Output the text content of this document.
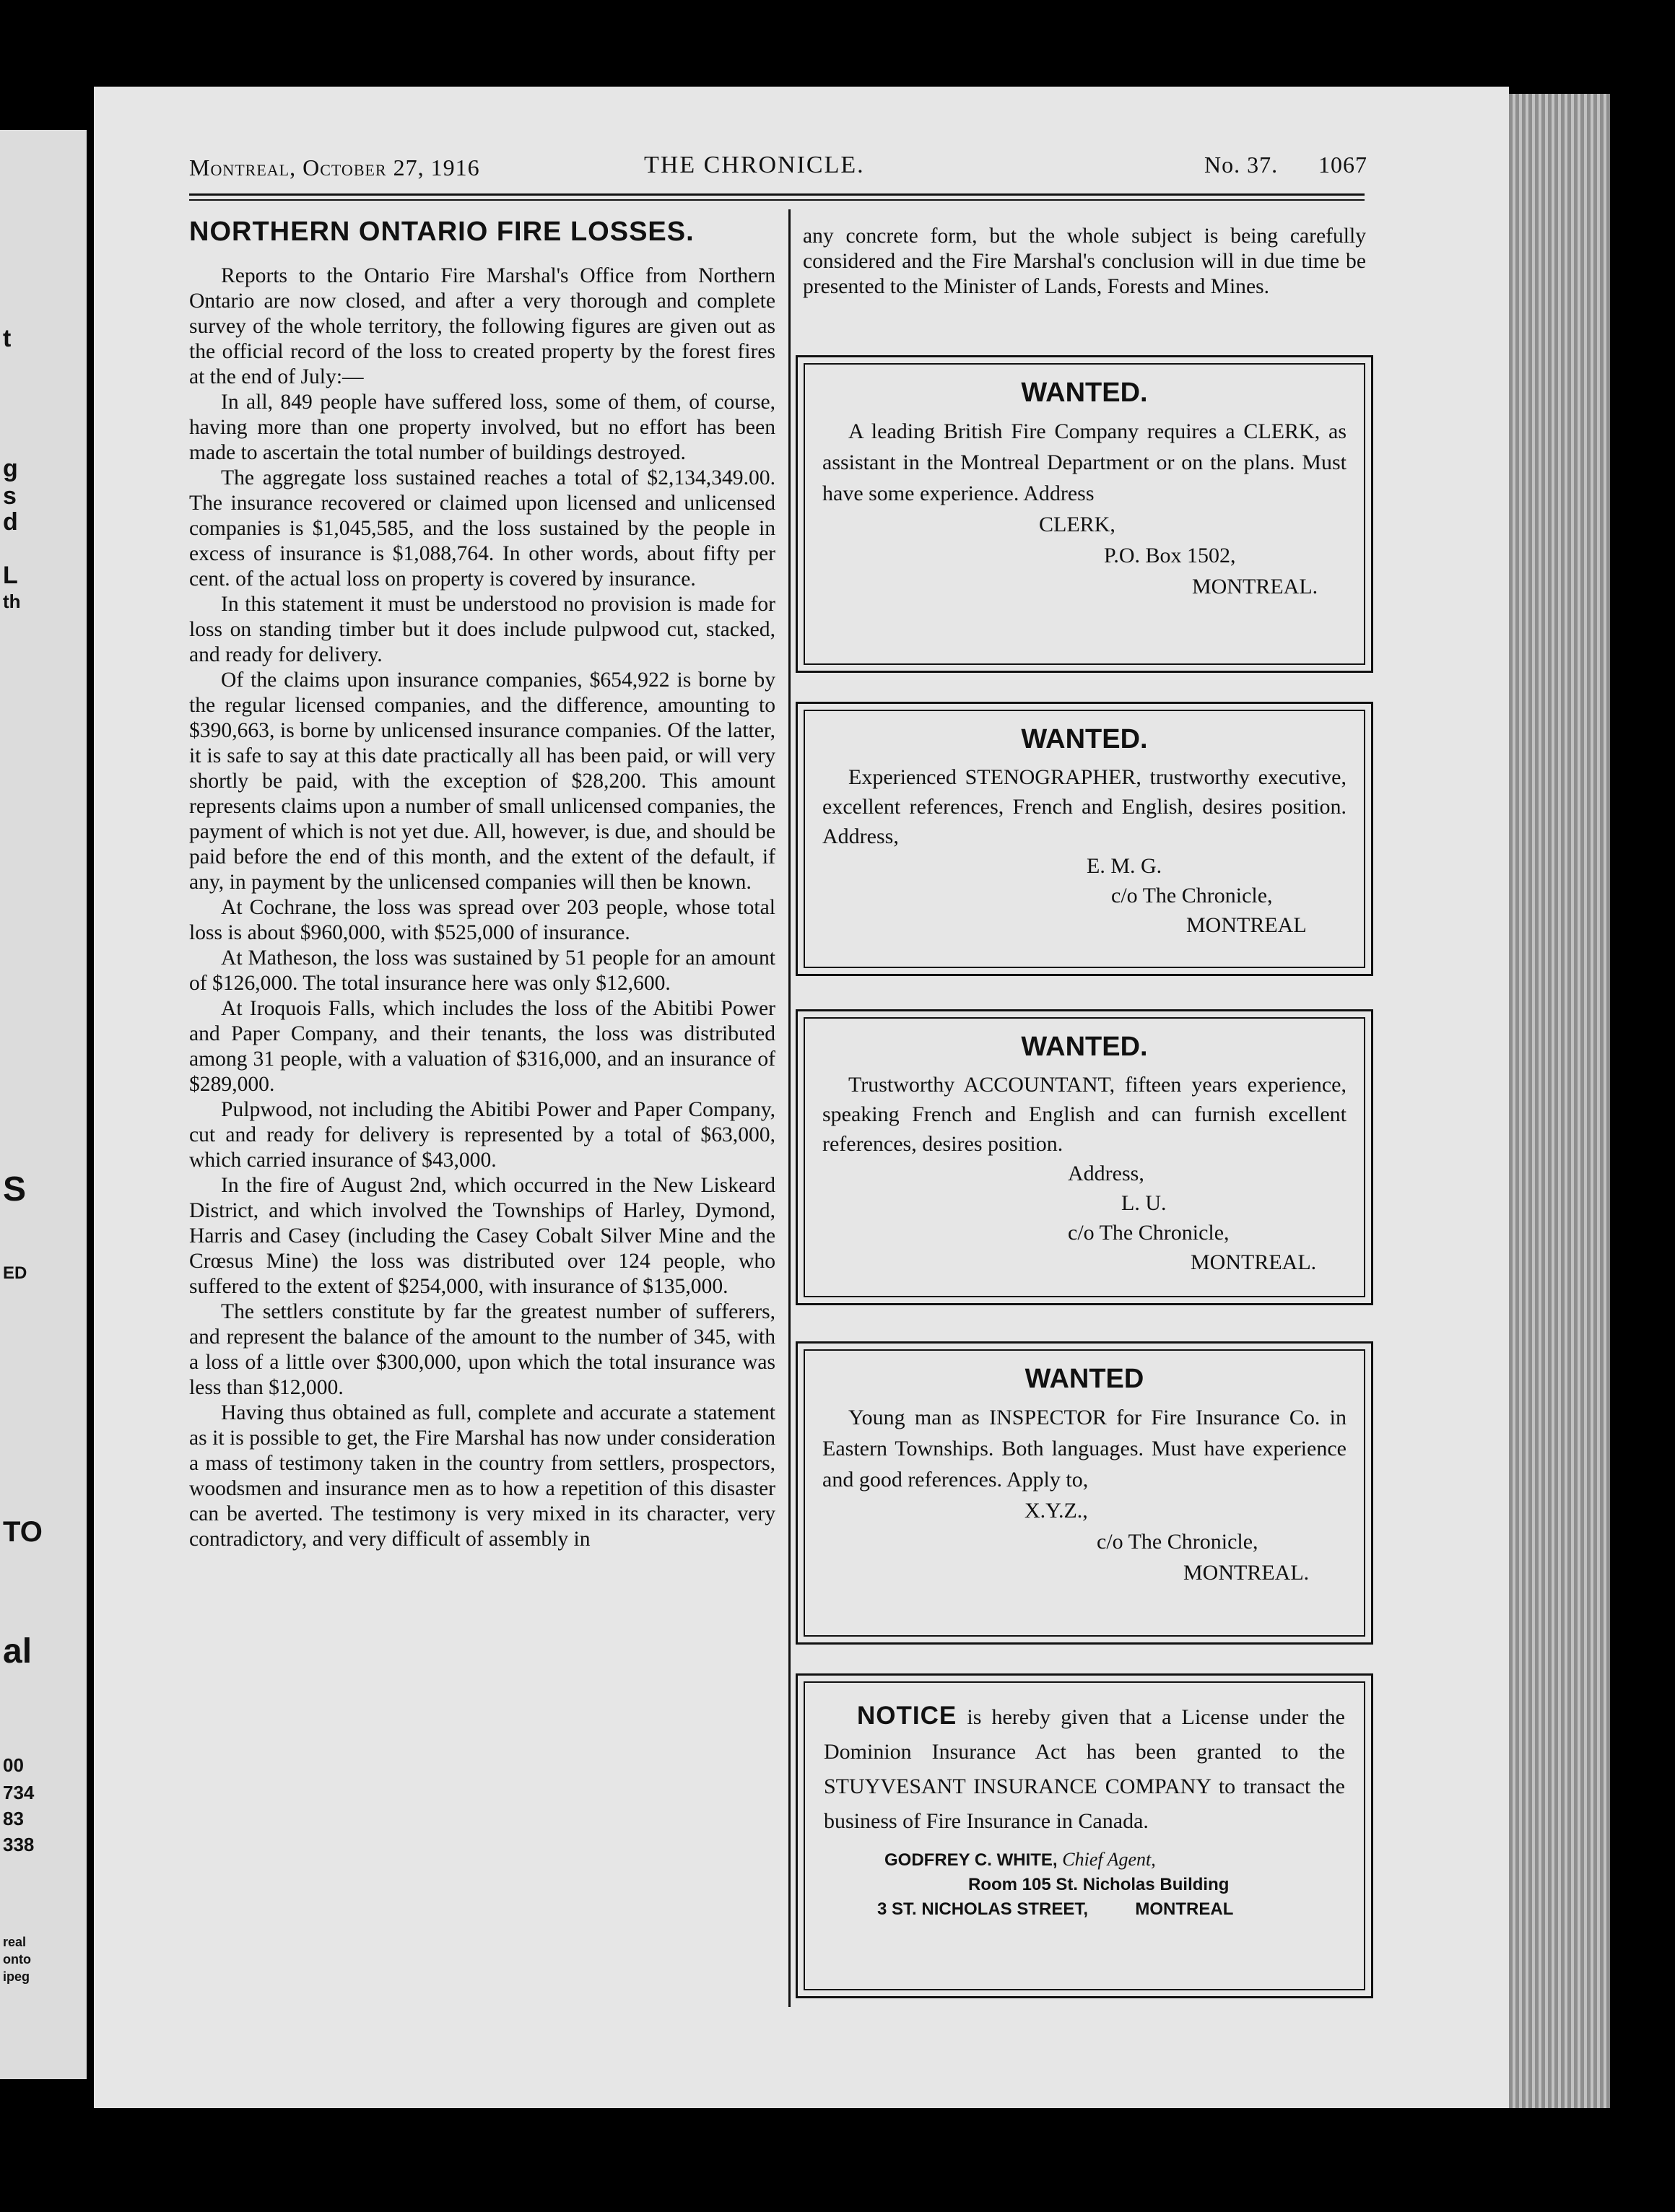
t
g
s
d
L
th
S
ED
TO
al
00
734
83
338
real
onto
ipeg
Montreal, October 27, 1916	THE CHRONICLE.	No. 37. 1067
NORTHERN ONTARIO FIRE LOSSES.

Reports to the Ontario Fire Marshal's Office from Northern Ontario are now closed, and after a very thorough and complete survey of the whole territory, the following figures are given out as the official record of the loss to created property by the forest fires at the end of July:—

In all, 849 people have suffered loss, some of them, of course, having more than one property involved, but no effort has been made to ascertain the total number of buildings destroyed.

The aggregate loss sustained reaches a total of $2,134,349.00. The insurance recovered or claimed upon licensed and unlicensed companies is $1,045,585, and the loss sustained by the people in excess of insurance is $1,088,764. In other words, about fifty per cent. of the actual loss on property is covered by insurance.

In this statement it must be understood no provision is made for loss on standing timber but it does include pulpwood cut, stacked, and ready for delivery.

Of the claims upon insurance companies, $654,922 is borne by the regular licensed companies, and the difference, amounting to $390,663, is borne by unlicensed insurance companies. Of the latter, it is safe to say at this date practically all has been paid, or will very shortly be paid, with the exception of $28,200. This amount represents claims upon a number of small unlicensed companies, the payment of which is not yet due. All, however, is due, and should be paid before the end of this month, and the extent of the default, if any, in payment by the unlicensed companies will then be known.

At Cochrane, the loss was spread over 203 people, whose total loss is about $960,000, with $525,000 of insurance.

At Matheson, the loss was sustained by 51 people for an amount of $126,000. The total insurance here was only $12,600.

At Iroquois Falls, which includes the loss of the Abitibi Power and Paper Company, and their tenants, the loss was distributed among 31 people, with a valuation of $316,000, and an insurance of $289,000.

Pulpwood, not including the Abitibi Power and Paper Company, cut and ready for delivery is represented by a total of $63,000, which carried insurance of $43,000.

In the fire of August 2nd, which occurred in the New Liskeard District, and which involved the Townships of Harley, Dymond, Harris and Casey (including the Casey Cobalt Silver Mine and the Crœsus Mine) the loss was distributed over 124 people, who suffered to the extent of $254,000, with insurance of $135,000.

The settlers constitute by far the greatest number of sufferers, and represent the balance of the amount to the number of 345, with a loss of a little over $300,000, upon which the total insurance was less than $12,000.

Having thus obtained as full, complete and accurate a statement as it is possible to get, the Fire Marshal has now under consideration a mass of testimony taken in the country from settlers, prospectors, woodsmen and insurance men as to how a repetition of this disaster can be averted. The testimony is very mixed in its character, very contradictory, and very difficult of assembly in

any concrete form, but the whole subject is being carefully considered and the Fire Marshal's conclusion will in due time be presented to the Minister of Lands, Forests and Mines.

WANTED.
A leading British Fire Company requires a CLERK, as assistant in the Montreal Department or on the plans. Must have some experience. Address
CLERK,
P.O. Box 1502,
MONTREAL.
WANTED.
Experienced STENOGRAPHER, trustworthy executive, excellent references, French and English, desires position. Address,
E. M. G.
c/o The Chronicle,
MONTREAL
WANTED.
Trustworthy ACCOUNTANT, fifteen years experience, speaking French and English and can furnish excellent references, desires position.
Address,
L. U.
c/o The Chronicle,
MONTREAL.
WANTED
Young man as INSPECTOR for Fire Insurance Co. in Eastern Townships. Both languages. Must have experience and good references. Apply to,
X.Y.Z.,
c/o The Chronicle,
MONTREAL.
NOTICE is hereby given that a License under the Dominion Insurance Act has been granted to the STUYVESANT INSURANCE COMPANY to transact the business of Fire Insurance in Canada.
GODFREY C. WHITE, Chief Agent,
Room 105 St. Nicholas Building
3 ST. NICHOLAS STREET,	MONTREAL
